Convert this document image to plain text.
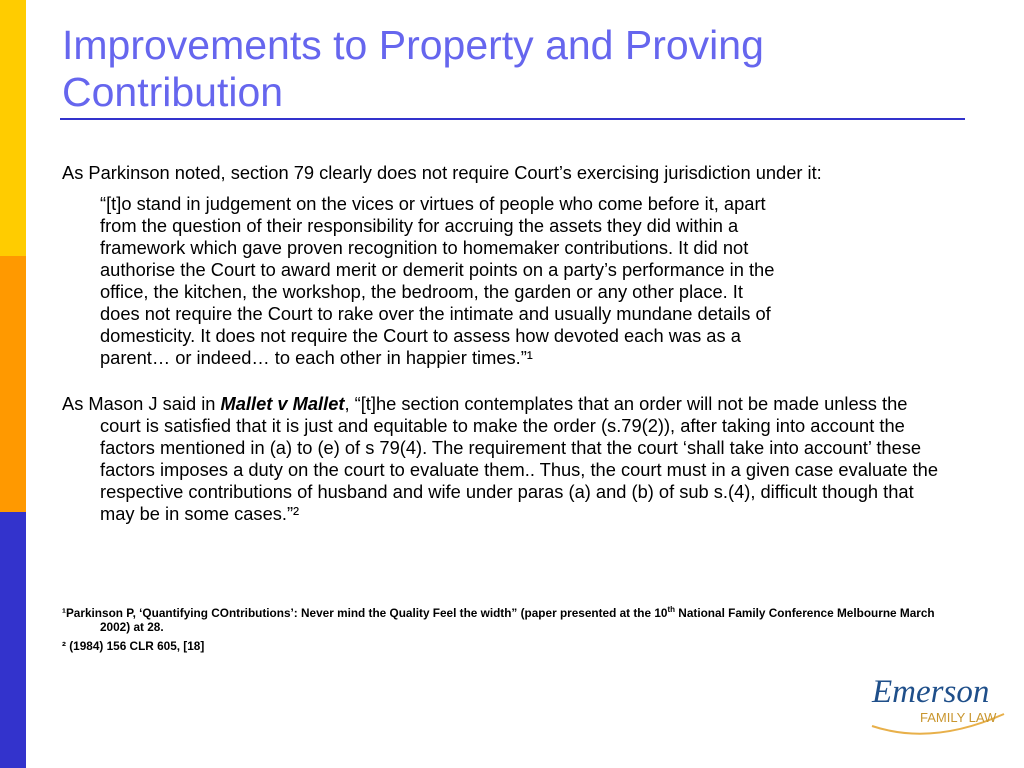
Improvements to Property and Proving Contribution

As Parkinson noted, section 79 clearly does not require Court’s exercising jurisdiction under it:

“[t]o stand in judgement on the vices or virtues of people who come before it, apart
from the question of their responsibility for accruing the assets they did within a
framework which gave proven recognition to homemaker contributions. It did not
authorise the Court to award merit or demerit points on a party’s performance in the
office, the kitchen, the workshop, the bedroom, the garden or any other place. It
does not require the Court to rake over the intimate and usually mundane details of
domesticity. It does not require the Court to assess how devoted each was as a
parent… or indeed… to each other in happier times.”¹

As Mason J said in Mallet v Mallet, “[t]he section contemplates that an order will not be made unless the court is satisfied that it is just and equitable to make the order (s.79(2)), after taking into account the factors mentioned in (a) to (e) of s 79(4). The requirement that the court ‘shall take into account’ these factors imposes a duty on the court to evaluate them.. Thus, the court must in a given case evaluate the respective contributions of husband and wife under paras (a) and (b) of sub s.(4), difficult though that may be in some cases.”²

¹Parkinson P, ‘Quantifying COntributions’: Never mind the Quality Feel the width” (paper presented at the 10th National Family Conference Melbourne March 2002) at 28.

² (1984) 156 CLR 605, [18]

Emerson
FAMILY LAW
